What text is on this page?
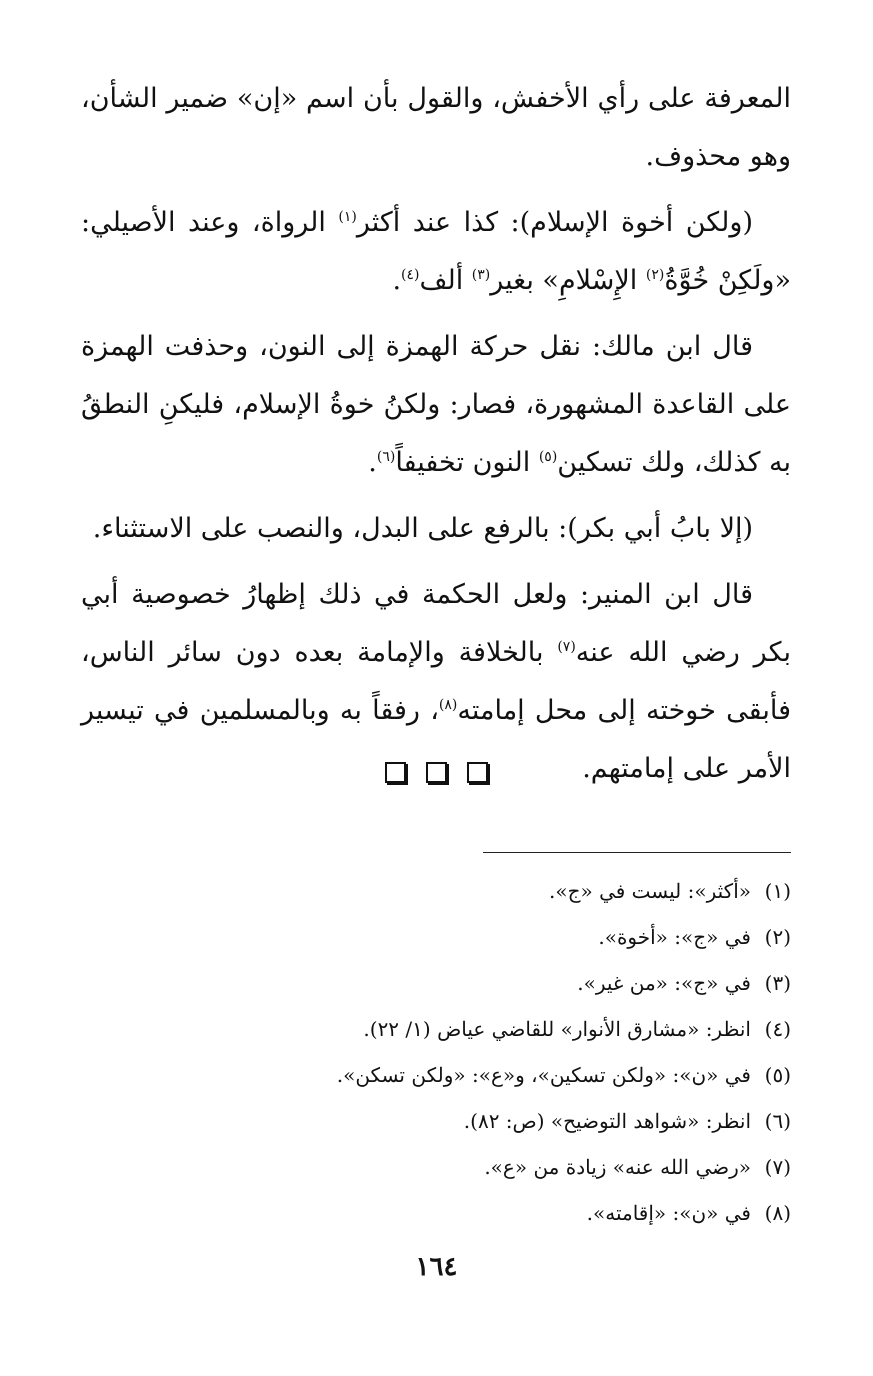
المعرفة على رأي الأخفش، والقول بأن اسم «إن» ضمير الشأن، وهو محذوف.

(ولكن أخوة الإسلام): كذا عند أكثر$^{(١)}$ الرواة، وعند الأصيلي: «ولَكِنْ خُوَّةُ$^{(٢)}$ الإِسْلامِ» بغير$^{(٣)}$ ألف$^{(٤)}$.

قال ابن مالك: نقل حركة الهمزة إلى النون، وحذفت الهمزة على القاعدة المشهورة، فصار: ولكنُ خوةُ الإسلام، فليكنِ النطقُ به كذلك، ولك تسكين$^{(٥)}$ النون تخفيفاً$^{(٦)}$.

(إلا بابُ أبي بكر): بالرفع على البدل، والنصب على الاستثناء.

قال ابن المنير: ولعل الحكمة في ذلك إظهارُ خصوصية أبي بكر رضي الله عنه$^{(٧)}$ بالخلافة والإمامة بعده دون سائر الناس، فأبقى خوخته إلى محل إمامته$^{(٨)}$، رفقاً به وبالمسلمين في تيسير الأمر على إمامتهم.

(١)«أكثر»: ليست في «ج».
(٢)في «ج»: «أخوة».
(٣)في «ج»: «من غير».
(٤)انظر: «مشارق الأنوار» للقاضي عياض (١/ ٢٢).
(٥)في «ن»: «ولكن تسكين»، و«ع»: «ولكن تسكن».
(٦)انظر: «شواهد التوضيح» (ص: ٨٢).
(٧)«رضي الله عنه» زيادة من «ع».
(٨)في «ن»: «إقامته».
١٦٤
